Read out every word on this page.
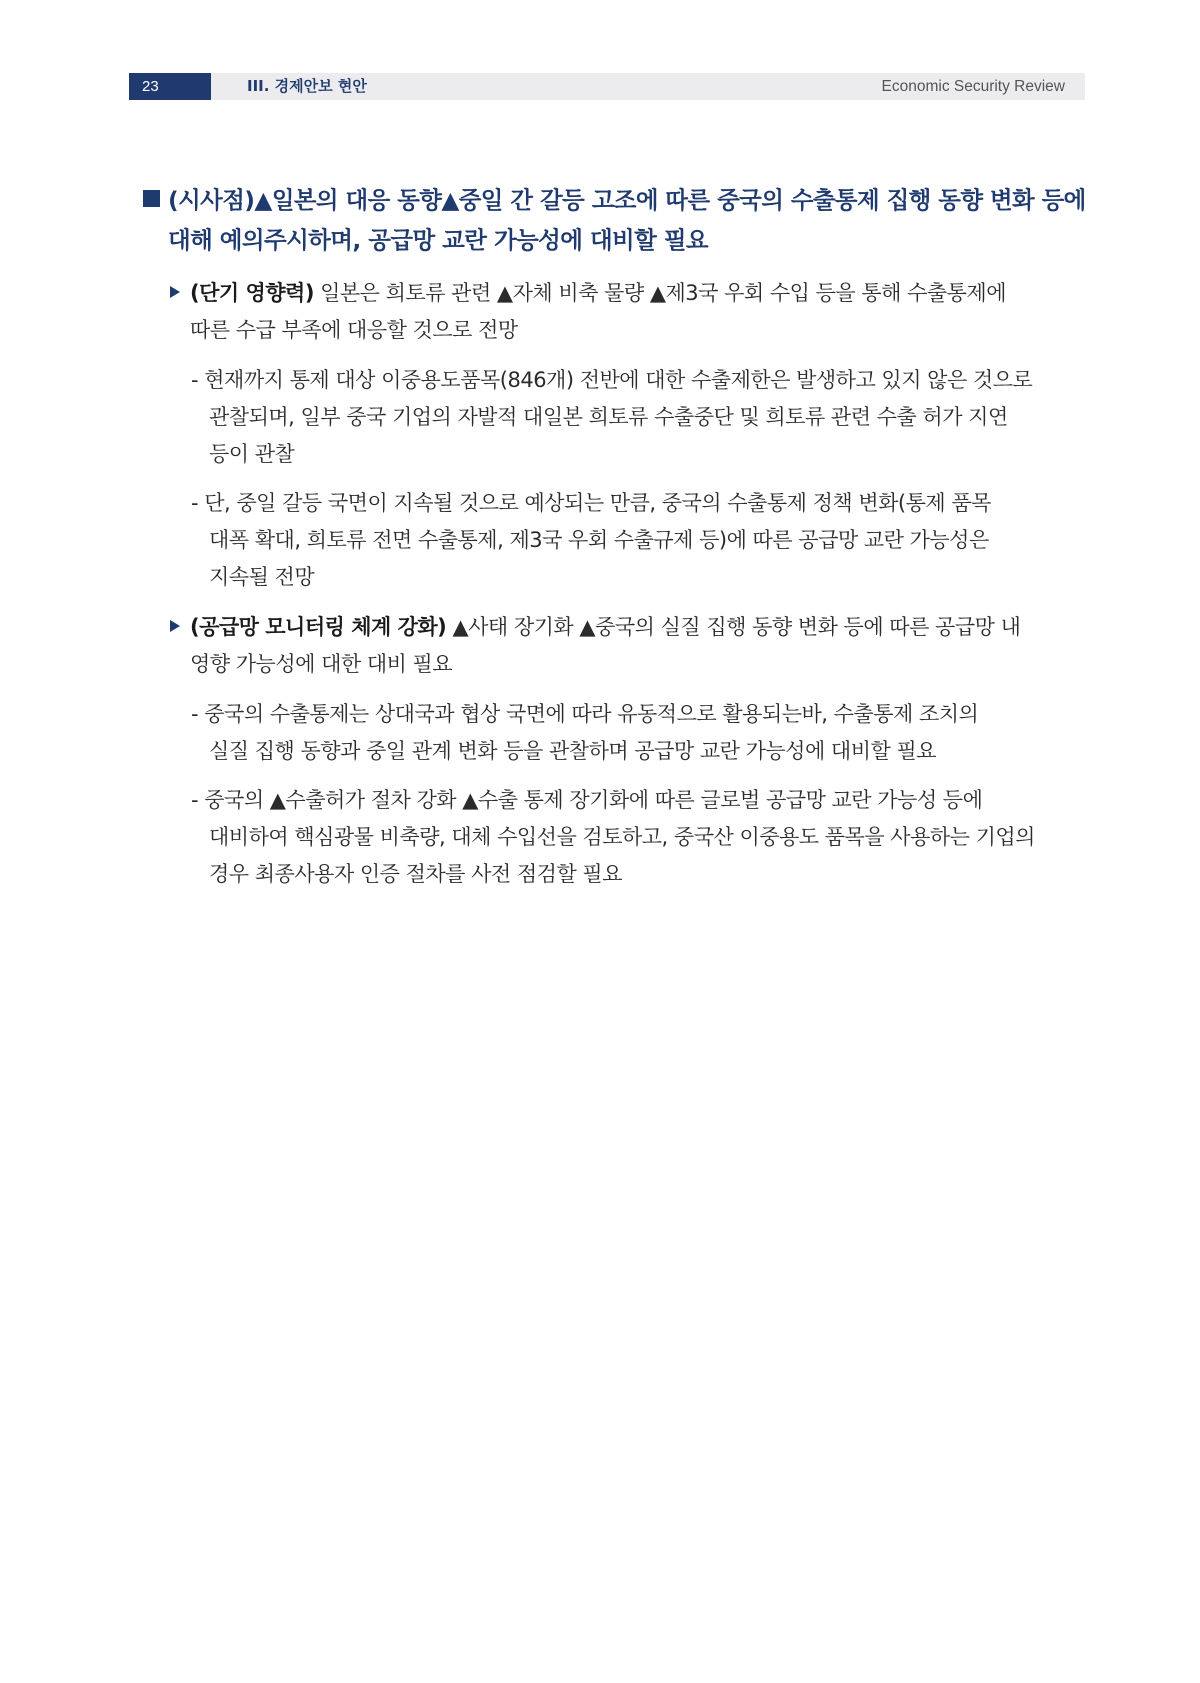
23	III. 경제안보 현안	Economic Security Review
(시사점)▲일본의 대응 동향▲중일 간 갈등 고조에 따른 중국의 수출통제 집행 동향 변화 등에
대해 예의주시하며, 공급망 교란 가능성에 대비할 필요
(단기 영향력) 일본은 희토류 관련 ▲자체 비축 물량 ▲제3국 우회 수입 등을 통해 수출통제에
따른 수급 부족에 대응할 것으로 전망
- 현재까지 통제 대상 이중용도품목(846개) 전반에 대한 수출제한은 발생하고 있지 않은 것으로
관찰되며, 일부 중국 기업의 자발적 대일본 희토류 수출중단 및 희토류 관련 수출 허가 지연
등이 관찰
- 단, 중일 갈등 국면이 지속될 것으로 예상되는 만큼, 중국의 수출통제 정책 변화(통제 품목
대폭 확대, 희토류 전면 수출통제, 제3국 우회 수출규제 등)에 따른 공급망 교란 가능성은
지속될 전망
(공급망 모니터링 체계 강화) ▲사태 장기화 ▲중국의 실질 집행 동향 변화 등에 따른 공급망 내
영향 가능성에 대한 대비 필요
- 중국의 수출통제는 상대국과 협상 국면에 따라 유동적으로 활용되는바, 수출통제 조치의
실질 집행 동향과 중일 관계 변화 등을 관찰하며 공급망 교란 가능성에 대비할 필요
- 중국의 ▲수출허가 절차 강화 ▲수출 통제 장기화에 따른 글로벌 공급망 교란 가능성 등에
대비하여 핵심광물 비축량, 대체 수입선을 검토하고, 중국산 이중용도 품목을 사용하는 기업의
경우 최종사용자 인증 절차를 사전 점검할 필요
